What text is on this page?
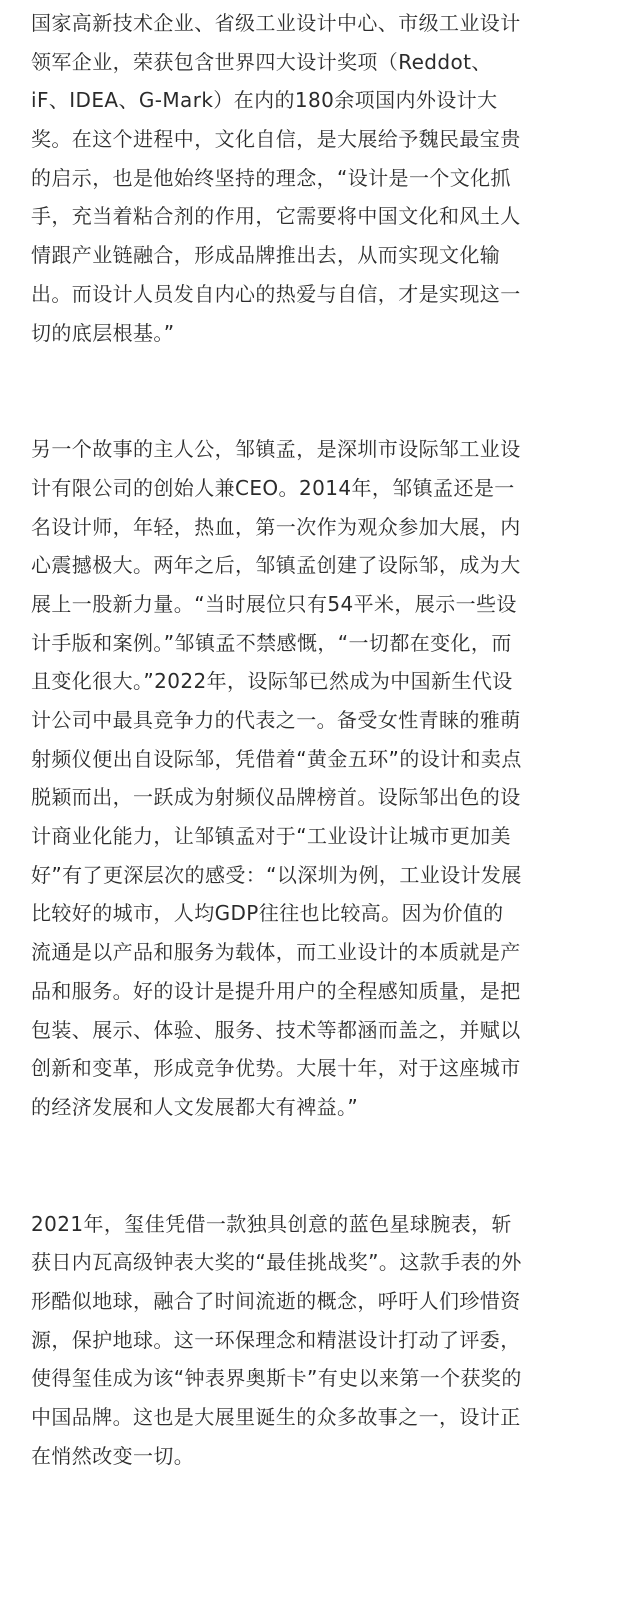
国家高新技术企业、省级工业设计中心、市级工业设计
领军企业，荣获包含世界四大设计奖项（Reddot、
iF、IDEA、G-Mark）在内的180余项国内外设计大
奖。在这个进程中，文化自信，是大展给予魏民最宝贵
的启示，也是他始终坚持的理念，“设计是一个文化抓
手，充当着粘合剂的作用，它需要将中国文化和风土人
情跟产业链融合，形成品牌推出去，从而实现文化输
出。而设计人员发自内心的热爱与自信，才是实现这一
切的底层根基。”
另一个故事的主人公，邹镇孟，是深圳市设际邹工业设
计有限公司的创始人兼CEO。2014年，邹镇孟还是一
名设计师，年轻，热血，第一次作为观众参加大展，内
心震撼极大。两年之后，邹镇孟创建了设际邹，成为大
展上一股新力量。“当时展位只有54平米，展示一些设
计手版和案例。”邹镇孟不禁感慨，“一切都在变化，而
且变化很大。”2022年，设际邹已然成为中国新生代设
计公司中最具竞争力的代表之一。备受女性青睐的雅萌
射频仪便出自设际邹，凭借着“黄金五环”的设计和卖点
脱颖而出，一跃成为射频仪品牌榜首。设际邹出色的设
计商业化能力，让邹镇孟对于“工业设计让城市更加美
好”有了更深层次的感受：“以深圳为例，工业设计发展
比较好的城市，人均GDP往往也比较高。因为价值的
流通是以产品和服务为载体，而工业设计的本质就是产
品和服务。好的设计是提升用户的全程感知质量，是把
包装、展示、体验、服务、技术等都涵而盖之，并赋以
创新和变革，形成竞争优势。大展十年，对于这座城市
的经济发展和人文发展都大有裨益。”
2021年，玺佳凭借一款独具创意的蓝色星球腕表，斩
获日内瓦高级钟表大奖的“最佳挑战奖”。这款手表的外
形酷似地球，融合了时间流逝的概念，呼吁人们珍惜资
源，保护地球。这一环保理念和精湛设计打动了评委，
使得玺佳成为该“钟表界奥斯卡”有史以来第一个获奖的
中国品牌。这也是大展里诞生的众多故事之一，设计正
在悄然改变一切。
